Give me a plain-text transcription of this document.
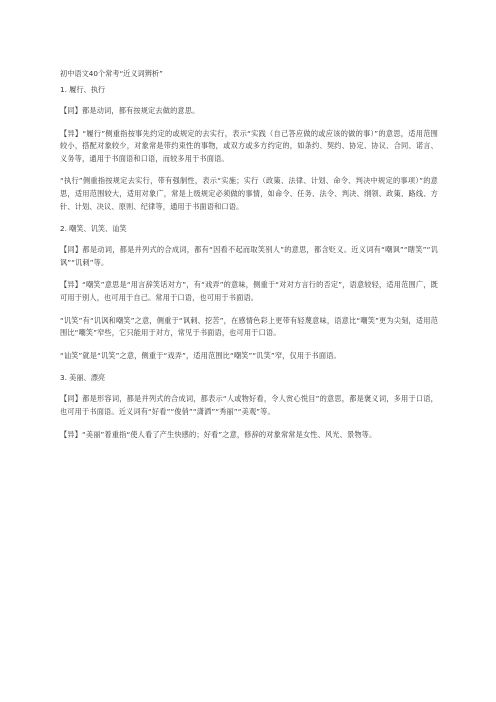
初中语文40个常考“近义词辨析”
1. 履行、执行

【同】都是动词，都有按规定去做的意思。

【异】“履行”侧重指按事先约定的或规定的去实行，表示“实践（自己答应做的或应该的做的事）”的意思，适用范围较小，搭配对象较少，对象常是带约束性的事物，或双方或多方约定的，如条约、契约、协定、协议、合同、诺言、义务等，通用于书面语和口语，而较多用于书面语。

“执行”侧重指按规定去实行，带有强制性，表示“实施；实行（政策、法律、计划、命令、判决中规定的事项）”的意思，适用范围较大，适用对象广，常是上级规定必须做的事情，如命令、任务、法令、判决、纲领、政策、路线、方针、计划、决议、原则、纪律等，通用于书面语和口语。

2. 嘲笑、讥笑、讪笑

【同】都是动词，都是并列式的合成词，都有“因看不起而取笑别人”的意思，都含贬义。近义词有“嘲讽”“瞎笑”“讥讽”“讥刺”等。

【异】“嘲笑”意思是“用言辞笑话对方”，有“戏弄”的意味，侧重于“对对方言行的否定”，语意较轻，适用范围广，既可用于别人，也可用于自己。常用于口语，也可用于书面语。

“讥笑”有“讥讽和嘲笑”之意，侧重于“讽刺、挖苦”，在感情色彩上更带有轻蔑意味，语意比“嘲笑”更为尖刻，适用范围比“嘲笑”窄些，它只能用于对方，常见于书面语，也可用于口语。

“讪笑”就是“讥笑”之意，侧重于“戏弄”，适用范围比“嘲笑”“讥笑”窄，仅用于书面语。

3. 美丽、漂亮

【同】都是形容词，都是并列式的合成词，都表示“人或物好看，令人赏心悦目”的意思，都是褒义词，多用于口语，也可用于书面语。近义词有“好看”“俊俏”“潇洒”“秀丽”“美观”等。

【异】“美丽”着重指“使人看了产生快感的；好看”之意，修辞的对象常常是女性、风光、景物等。
